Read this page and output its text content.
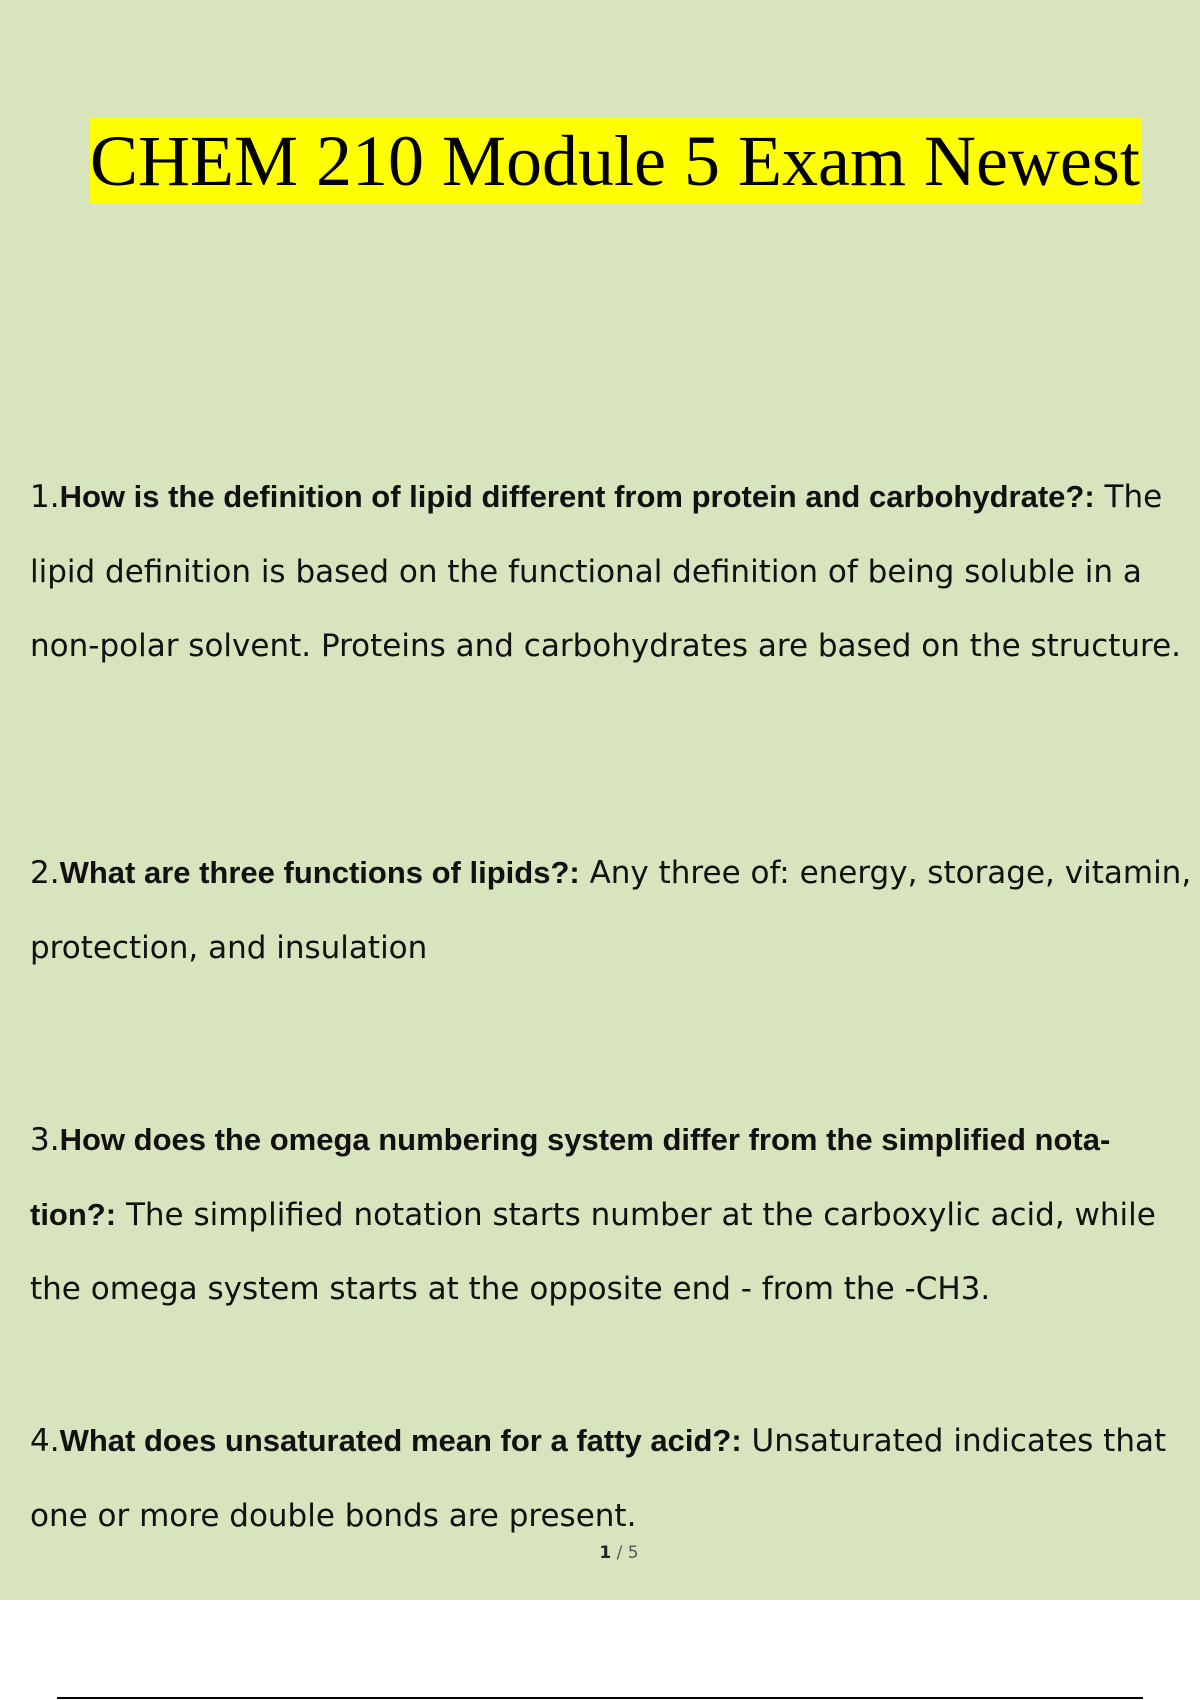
CHEM 210 Module 5 Exam Newest
1.How is the definition of lipid different from protein and carbohydrate?: The lipid definition is based on the functional definition of being soluble in a non-polar solvent. Proteins and carbohydrates are based on the structure.
2.What are three functions of lipids?: Any three of: energy, storage, vitamin, protection, and insulation
3.How does the omega numbering system differ from the simplified nota-tion?: The simplified notation starts number at the carboxylic acid, while the omega system starts at the opposite end - from the -CH3.
4.What does unsaturated mean for a fatty acid?: Unsaturated indicates that one or more double bonds are present.
1 / 5
